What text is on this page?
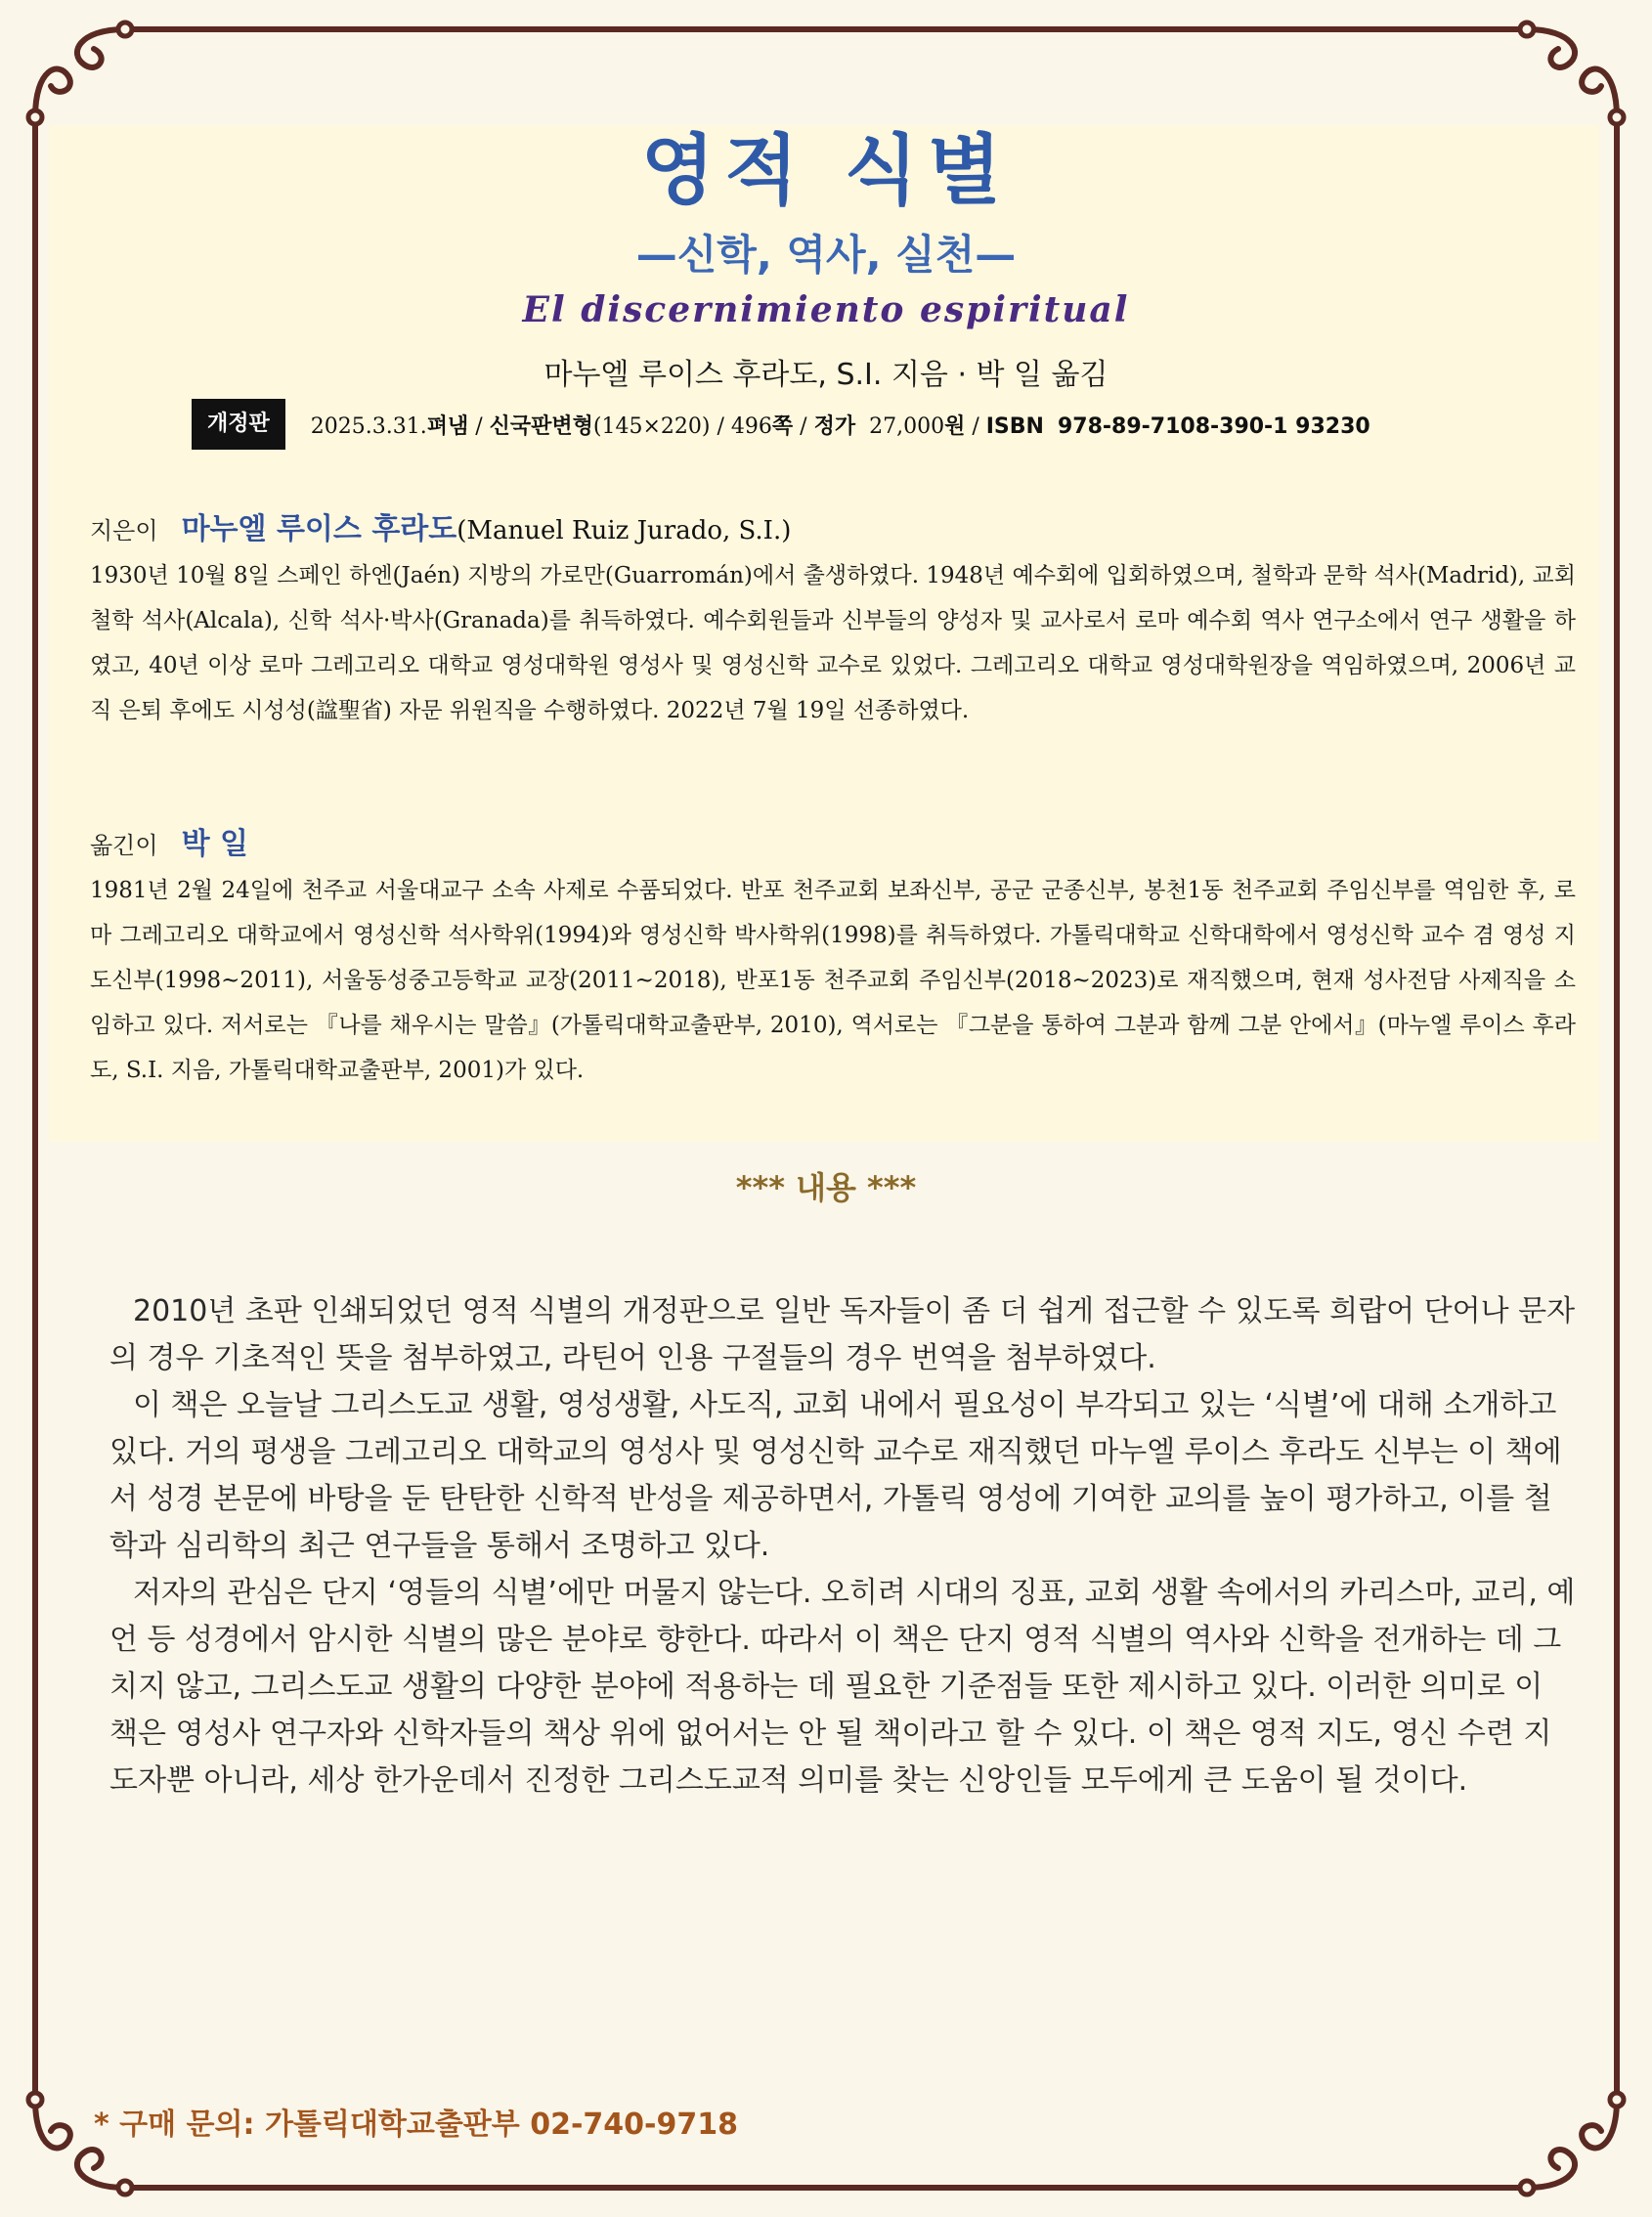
영적 식별
—신학, 역사, 실천—
El discernimiento espiritual
마누엘 루이스 후라도, S.I. 지음 · 박 일 옮김
개정판	2025.3.31.펴냄 / 신국판변형(145×220) / 496쪽 / 정가 27,000원 / ISBN 978-89-7108-390-1 93230
지은이 마누엘 루이스 후라도 (Manuel Ruiz Jurado, S.I.)

1930년 10월 8일 스페인 하엔(Jaén) 지방의 가로만(Guarromán)에서 출생하였다. 1948년 예수회에 입회하였으며, 철학과 문학 석사(Madrid), 교회 철학 석사(Alcala), 신학 석사·박사(Granada)를 취득하였다. 예수회원들과 신부들의 양성자 및 교사로서 로마 예수회 역사 연구소에서 연구 생활을 하였고, 40년 이상 로마 그레고리오 대학교 영성대학원 영성사 및 영성신학 교수로 있었다. 그레고리오 대학교 영성대학원장을 역임하였으며, 2006년 교직 은퇴 후에도 시성성(諡聖省) 자문 위원직을 수행하였다. 2022년 7월 19일 선종하였다.

옮긴이 박 일

1981년 2월 24일에 천주교 서울대교구 소속 사제로 수품되었다. 반포 천주교회 보좌신부, 공군 군종신부, 봉천1동 천주교회 주임신부를 역임한 후, 로마 그레고리오 대학교에서 영성신학 석사학위(1994)와 영성신학 박사학위(1998)를 취득하였다. 가톨릭대학교 신학대학에서 영성신학 교수 겸 영성 지도신부(1998~2011), 서울동성중고등학교 교장(2011~2018), 반포1동 천주교회 주임신부(2018~2023)로 재직했으며, 현재 성사전담 사제직을 소임하고 있다. 저서로는 『나를 채우시는 말씀』(가톨릭대학교출판부, 2010), 역서로는 『그분을 통하여 그분과 함께 그분 안에서』(마누엘 루이스 후라도, S.I. 지음, 가톨릭대학교출판부, 2001)가 있다.

*** 내용 ***

2010년 초판 인쇄되었던 영적 식별의 개정판으로 일반 독자들이 좀 더 쉽게 접근할 수 있도록 희랍어 단어나 문자의 경우 기초적인 뜻을 첨부하였고, 라틴어 인용 구절들의 경우 번역을 첨부하였다.

이 책은 오늘날 그리스도교 생활, 영성생활, 사도직, 교회 내에서 필요성이 부각되고 있는 ‘식별’에 대해 소개하고 있다. 거의 평생을 그레고리오 대학교의 영성사 및 영성신학 교수로 재직했던 마누엘 루이스 후라도 신부는 이 책에서 성경 본문에 바탕을 둔 탄탄한 신학적 반성을 제공하면서, 가톨릭 영성에 기여한 교의를 높이 평가하고, 이를 철학과 심리학의 최근 연구들을 통해서 조명하고 있다.

저자의 관심은 단지 ‘영들의 식별’에만 머물지 않는다. 오히려 시대의 징표, 교회 생활 속에서의 카리스마, 교리, 예언 등 성경에서 암시한 식별의 많은 분야로 향한다. 따라서 이 책은 단지 영적 식별의 역사와 신학을 전개하는 데 그치지 않고, 그리스도교 생활의 다양한 분야에 적용하는 데 필요한 기준점들 또한 제시하고 있다. 이러한 의미로 이 책은 영성사 연구자와 신학자들의 책상 위에 없어서는 안 될 책이라고 할 수 있다. 이 책은 영적 지도, 영신 수련 지도자뿐 아니라, 세상 한가운데서 진정한 그리스도교적 의미를 찾는 신앙인들 모두에게 큰 도움이 될 것이다.

* 구매 문의: 가톨릭대학교출판부 02-740-9718
